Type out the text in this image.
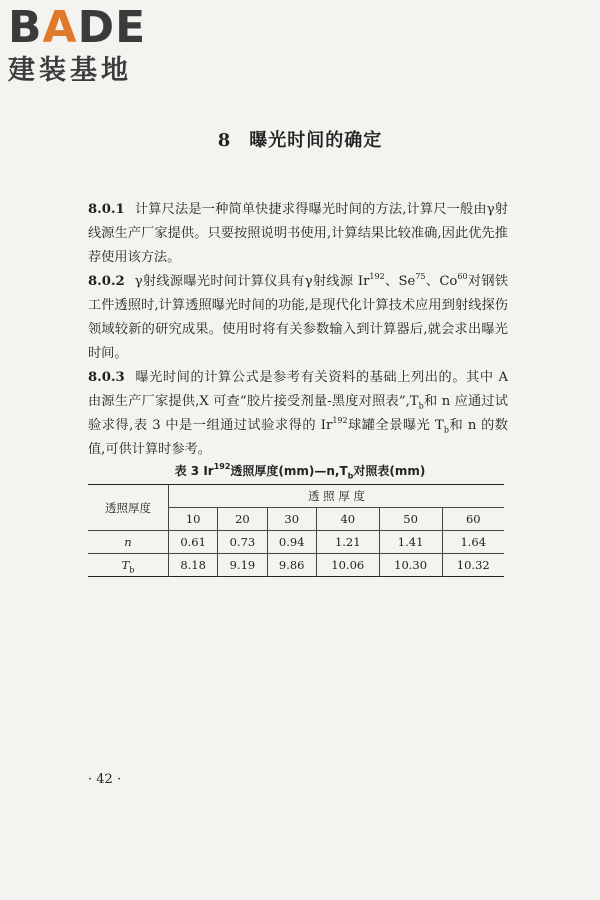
BADE
建装基地
8 曝光时间的确定

8.0.1 计算尺法是一种简单快捷求得曝光时间的方法,计算尺一般由γ射线源生产厂家提供。只要按照说明书使用,计算结果比较准确,因此优先推荐使用该方法。

8.0.2 γ射线源曝光时间计算仪具有γ射线源 Ir$^{192}$、Se$^{75}$、Co$^{60}$对钢铁工件透照时,计算透照曝光时间的功能,是现代化计算技术应用到射线探伤领域较新的研究成果。使用时将有关参数输入到计算器后,就会求出曝光时间。

8.0.3 曝光时间的计算公式是参考有关资料的基础上列出的。其中 A 由源生产厂家提供,X 可查“胶片接受剂量-黑度对照表$”,T_b$和 n 应通过试验求得,表 3 中是一组通过试验求得的 Ir$^{192}$球罐全景曝光 $T_b$和 n 的数值,可供计算时参考。

表 3 Ir$^{192}$透照厚度$(mm)—n,T_b$对照表(mm)
透照厚度	透 照 厚 度					
	10	20	30	40	50	60
n	0.61	0.73	0.94	1.21	1.41	1.64
$T_b$	8.18	9.19	9.86	10.06	10.30	10.32
· 42 ·
